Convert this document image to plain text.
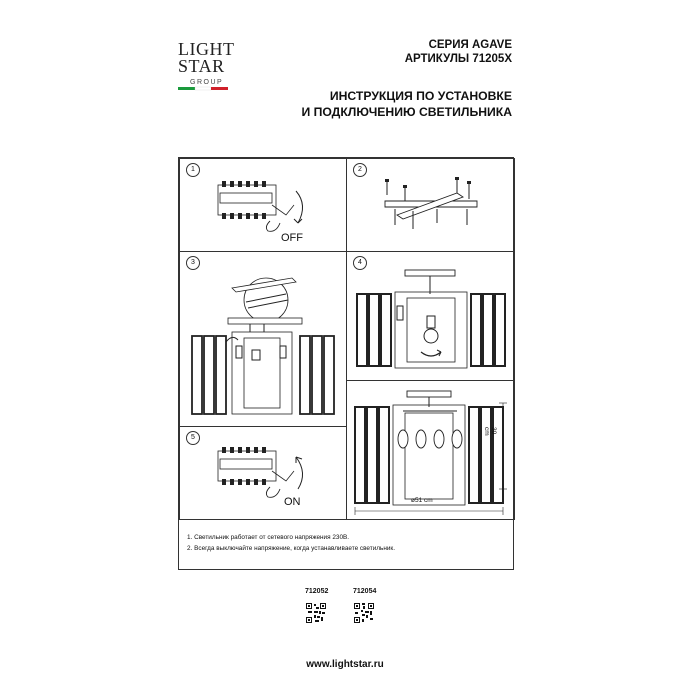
LIGHT
STAR
GROUP
СЕРИЯ AGAVE
АРТИКУЛЫ 71205X
ИНСТРУКЦИЯ ПО УСТАНОВКЕ
И ПОДКЛЮЧЕНИЮ СВЕТИЛЬНИКА
1
OFF
2
3	4
30 cm
ø51 cm
5
ON
1. Светильник работает от сетевого напряжения 230В.
2. Всегда выключайте напряжение, когда устанавливаете светильник.
712052	712054
www.lightstar.ru
